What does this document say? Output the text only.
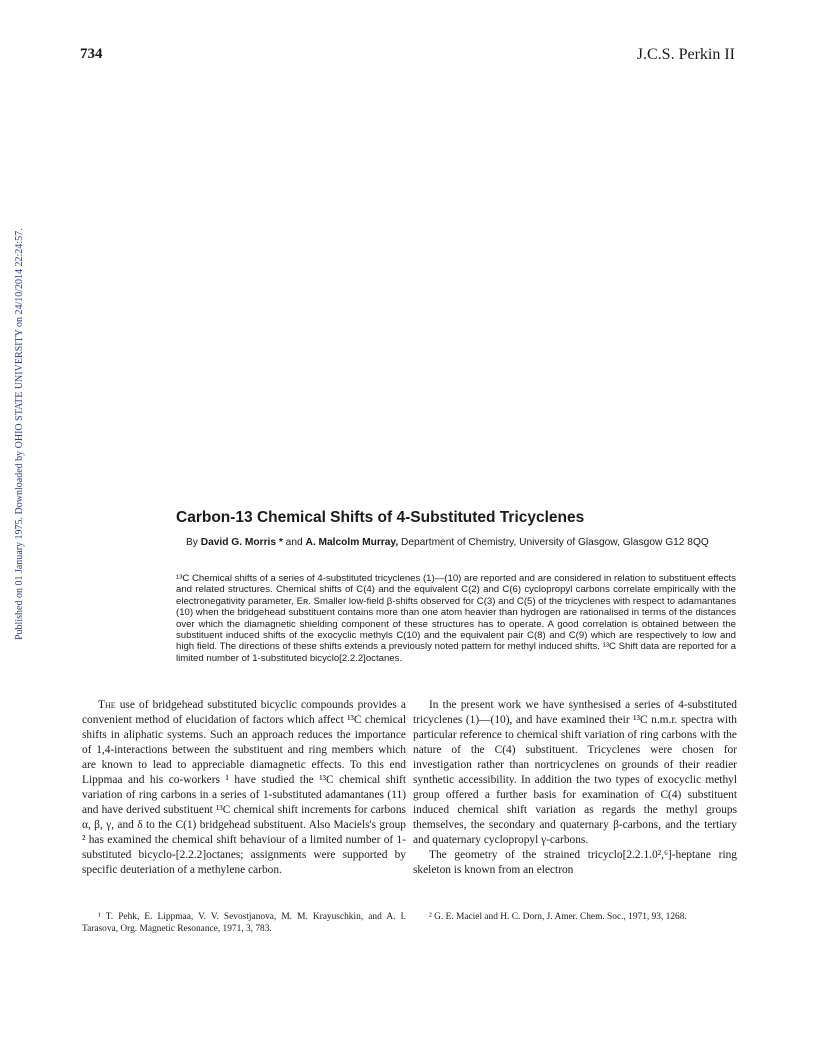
734	J.C.S. Perkin II
Published on 01 January 1975. Downloaded by OHIO STATE UNIVERSITY on 24/10/2014 22:24:57.	Carbon-13 Chemical Shifts of 4-Substituted Tricyclenes
By David G. Morris * and A. Malcolm Murray, Department of Chemistry, University of Glasgow, Glasgow G12 8QQ

¹³C Chemical shifts of a series of 4-substituted tricyclenes (1)—(10) are reported and are considered in relation to substituent effects and related structures. Chemical shifts of C(4) and the equivalent C(2) and C(6) cyclopropyl carbons correlate empirically with the electronegativity parameter, Eʀ. Smaller low-field β-shifts observed for C(3) and C(5) of the tricyclenes with respect to adamantanes (10) when the bridgehead substituent contains more than one atom heavier than hydrogen are rationalised in terms of the distances over which the diamagnetic shielding component of these structures has to operate. A good correlation is obtained between the substituent induced shifts of the exocyclic methyls C(10) and the equivalent pair C(8) and C(9) which are respectively to low and high field. The directions of these shifts extends a previously noted pattern for methyl induced shifts. ¹³C Shift data are reported for a limited number of 1-substituted bicyclo[2.2.2]octanes.

The use of bridgehead substituted bicyclic compounds provides a convenient method of elucidation of factors which affect ¹³C chemical shifts in aliphatic systems. Such an approach reduces the importance of 1,4-interactions between the substituent and ring members which are known to lead to appreciable diamagnetic effects. To this end Lippmaa and his co-workers ¹ have studied the ¹³C chemical shift variation of ring carbons in a series of 1-substituted adamantanes (11) and have derived substituent ¹³C chemical shift increments for carbons α, β, γ, and δ to the C(1) bridgehead substituent. Also Maciels's group ² has examined the chemical shift behaviour of a limited number of 1-substituted bicyclo-[2.2.2]octanes; assignments were supported by specific deuteriation of a methylene carbon.

In the present work we have synthesised a series of 4-substituted tricyclenes (1)—(10), and have examined their ¹³C n.m.r. spectra with particular reference to chemical shift variation of ring carbons with the nature of the C(4) substituent. Tricyclenes were chosen for investigation rather than nortricyclenes on grounds of their readier synthetic accessibility. In addition the two types of exocyclic methyl group offered a further basis for examination of C(4) substituent induced chemical shift variation as regards the methyl groups themselves, the secondary and quaternary β-carbons, and the tertiary and quaternary cyclopropyl γ-carbons.

The geometry of the strained tricyclo[2.2.1.0²,⁶]-heptane ring skeleton is known from an electron

¹ T. Pehk, E. Lippmaa, V. V. Sevostjanova, M. M. Krayuschkin, and A. I. Tarasova, Org. Magnetic Resonance, 1971, 3, 783.

² G. E. Maciel and H. C. Dorn, J. Amer. Chem. Soc., 1971, 93, 1268.
